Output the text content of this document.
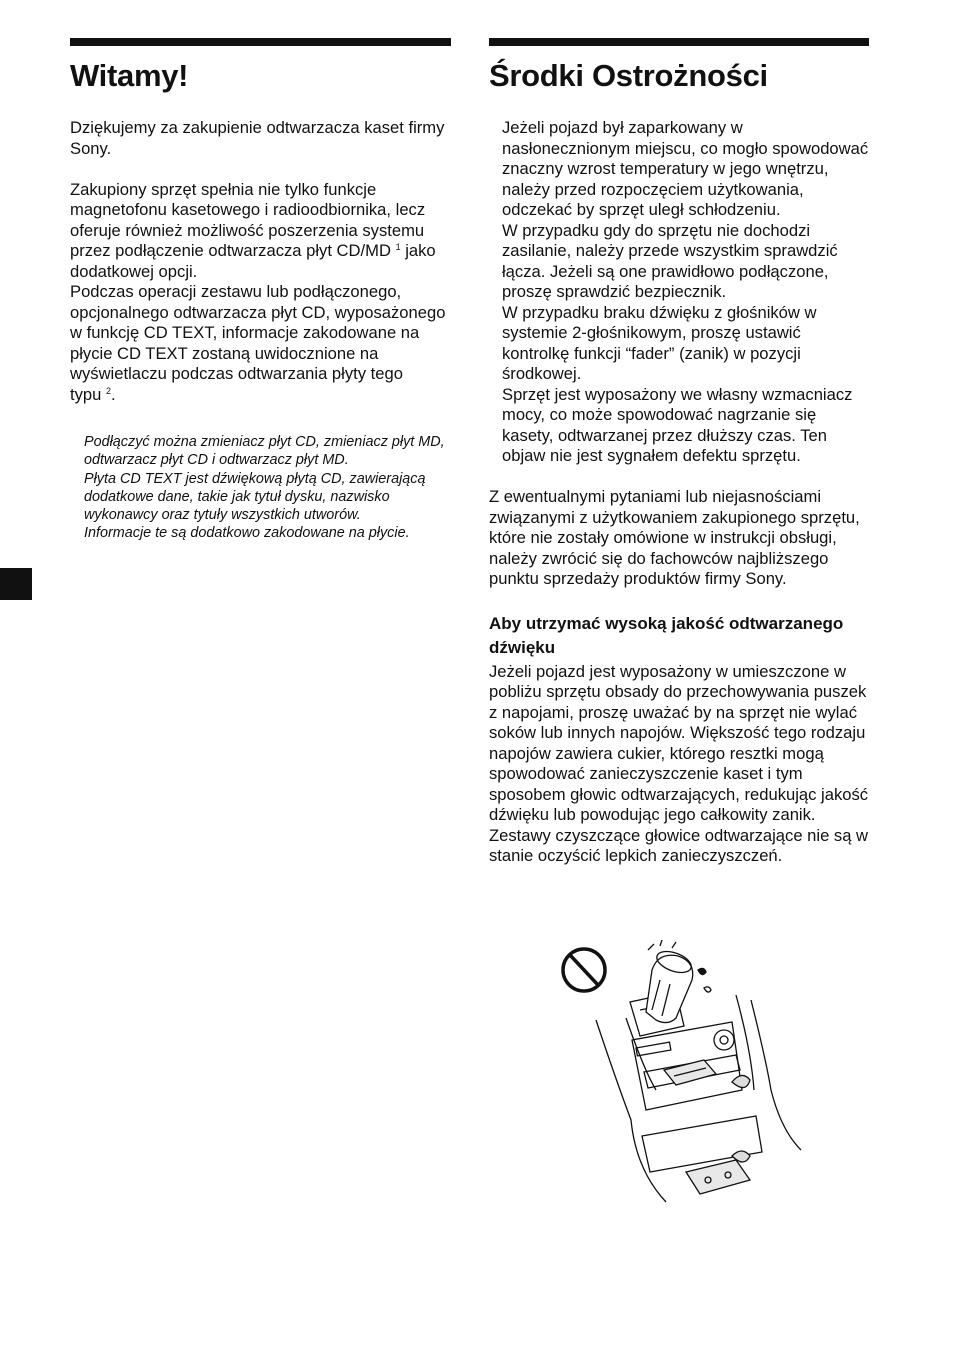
Witamy!

Dziękujemy za zakupienie odtwarzacza kaset firmy Sony.

Zakupiony sprzęt spełnia nie tylko funkcje magnetofonu kasetowego i radioodbiornika, lecz oferuje również możliwość poszerzenia systemu przez podłączenie odtwarzacza płyt CD/MD $^1$ jako dodatkowej opcji.

Podczas operacji zestawu lub podłączonego, opcjonalnego odtwarzacza płyt CD, wyposażonego w funkcję CD TEXT, informacje zakodowane na płycie CD TEXT zostaną uwidocznione na wyświetlaczu podczas odtwarzania płyty tego typu $^2$.

Podłączyć można zmieniacz płyt CD, zmieniacz płyt MD, odtwarzacz płyt CD i odtwarzacz płyt MD.

Płyta CD TEXT jest dźwiękową płytą CD, zawierającą dodatkowe dane, takie jak tytuł dysku, nazwisko wykonawcy oraz tytuły wszystkich utworów.

Informacje te są dodatkowo zakodowane na płycie.

Środki Ostrożności

Jeżeli pojazd był zaparkowany w nasłonecznionym miejscu, co mogło spowodować znaczny wzrost temperatury w jego wnętrzu, należy przed rozpoczęciem użytkowania, odczekać by sprzęt uległ schłodzeniu.

W przypadku gdy do sprzętu nie dochodzi zasilanie, należy przede wszystkim sprawdzić łącza. Jeżeli są one prawidłowo podłączone, proszę sprawdzić bezpiecznik.

W przypadku braku dźwięku z głośników w systemie 2-głośnikowym, proszę ustawić kontrolkę funkcji “fader” (zanik) w pozycji środkowej.

Sprzęt jest wyposażony we własny wzmacniacz mocy, co może spowodować nagrzanie się kasety, odtwarzanej przez dłuższy czas. Ten objaw nie jest sygnałem defektu sprzętu.

Z ewentualnymi pytaniami lub niejasnościami związanymi z użytkowaniem zakupionego sprzętu, które nie zostały omówione w instrukcji obsługi, należy zwrócić się do fachowców najbliższego punktu sprzedaży produktów firmy Sony.

Aby utrzymać wysoką jakość odtwarzanego dźwięku

Jeżeli pojazd jest wyposażony w umieszczone w pobliżu sprzętu obsady do przechowywania puszek z napojami, proszę uważać by na sprzęt nie wylać soków lub innych napojów. Większość tego rodzaju napojów zawiera cukier, którego resztki mogą spowodować zanieczyszczenie kaset i tym sposobem głowic odtwarzających, redukując jakość dźwięku lub powodując jego całkowity zanik. Zestawy czyszczące głowice odtwarzające nie są w stanie oczyścić lepkich zanieczyszczeń.
